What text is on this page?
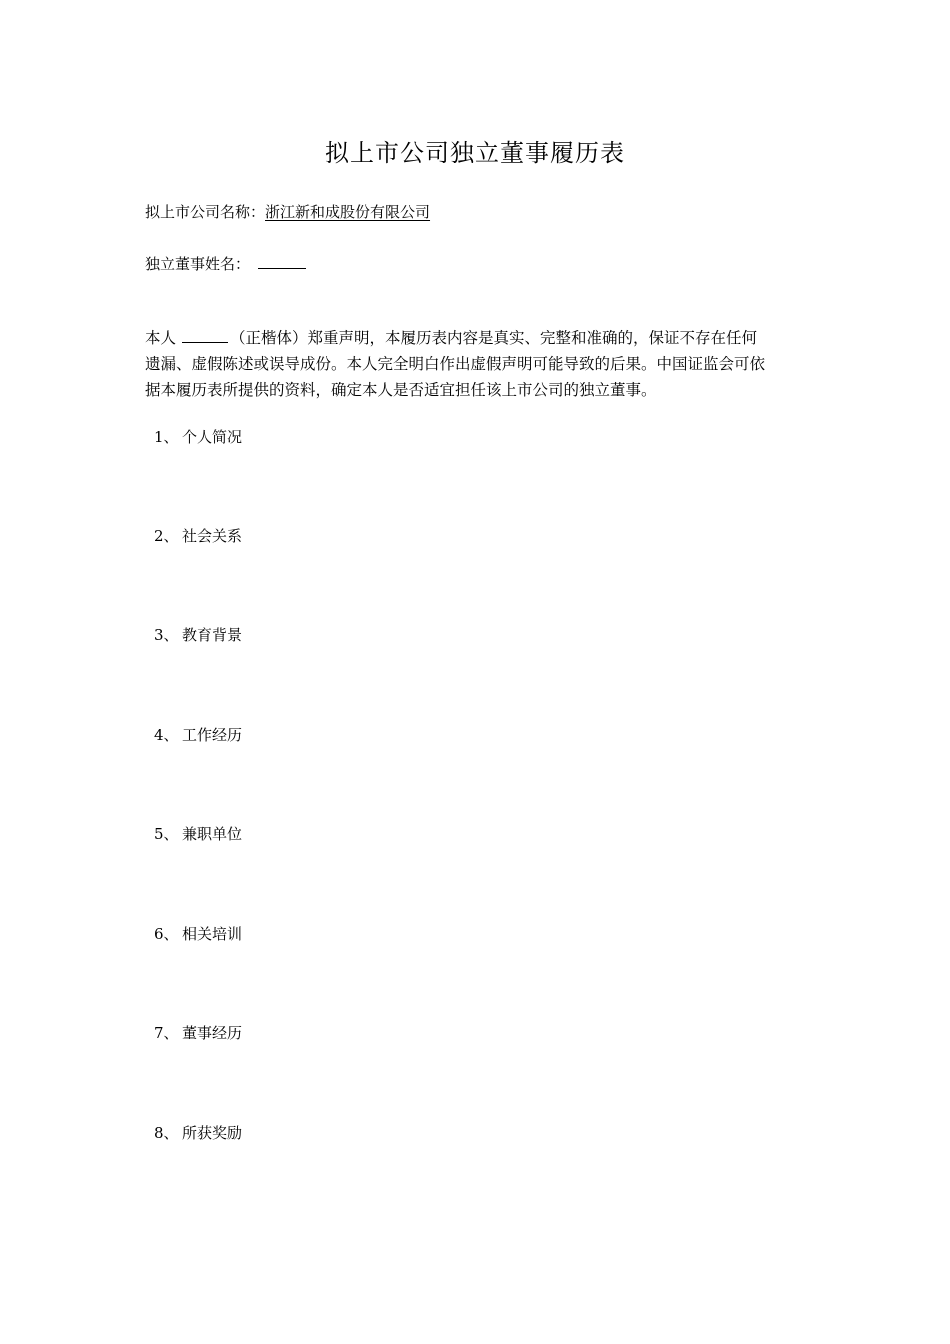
拟上市公司独立董事履历表
拟上市公司名称：浙江新和成股份有限公司
独立董事姓名：
本人	（正楷体）郑重声明，本履历表内容是真实、完整和准确的，保证不存在任何
遗漏、虚假陈述或误导成份。本人完全明白作出虚假声明可能导致的后果。中国证监会可依
据本履历表所提供的资料，确定本人是否适宜担任该上市公司的独立董事。
1、 个人简况
2、 社会关系
3、 教育背景
4、 工作经历
5、 兼职单位
6、 相关培训
7、 董事经历
8、 所获奖励
